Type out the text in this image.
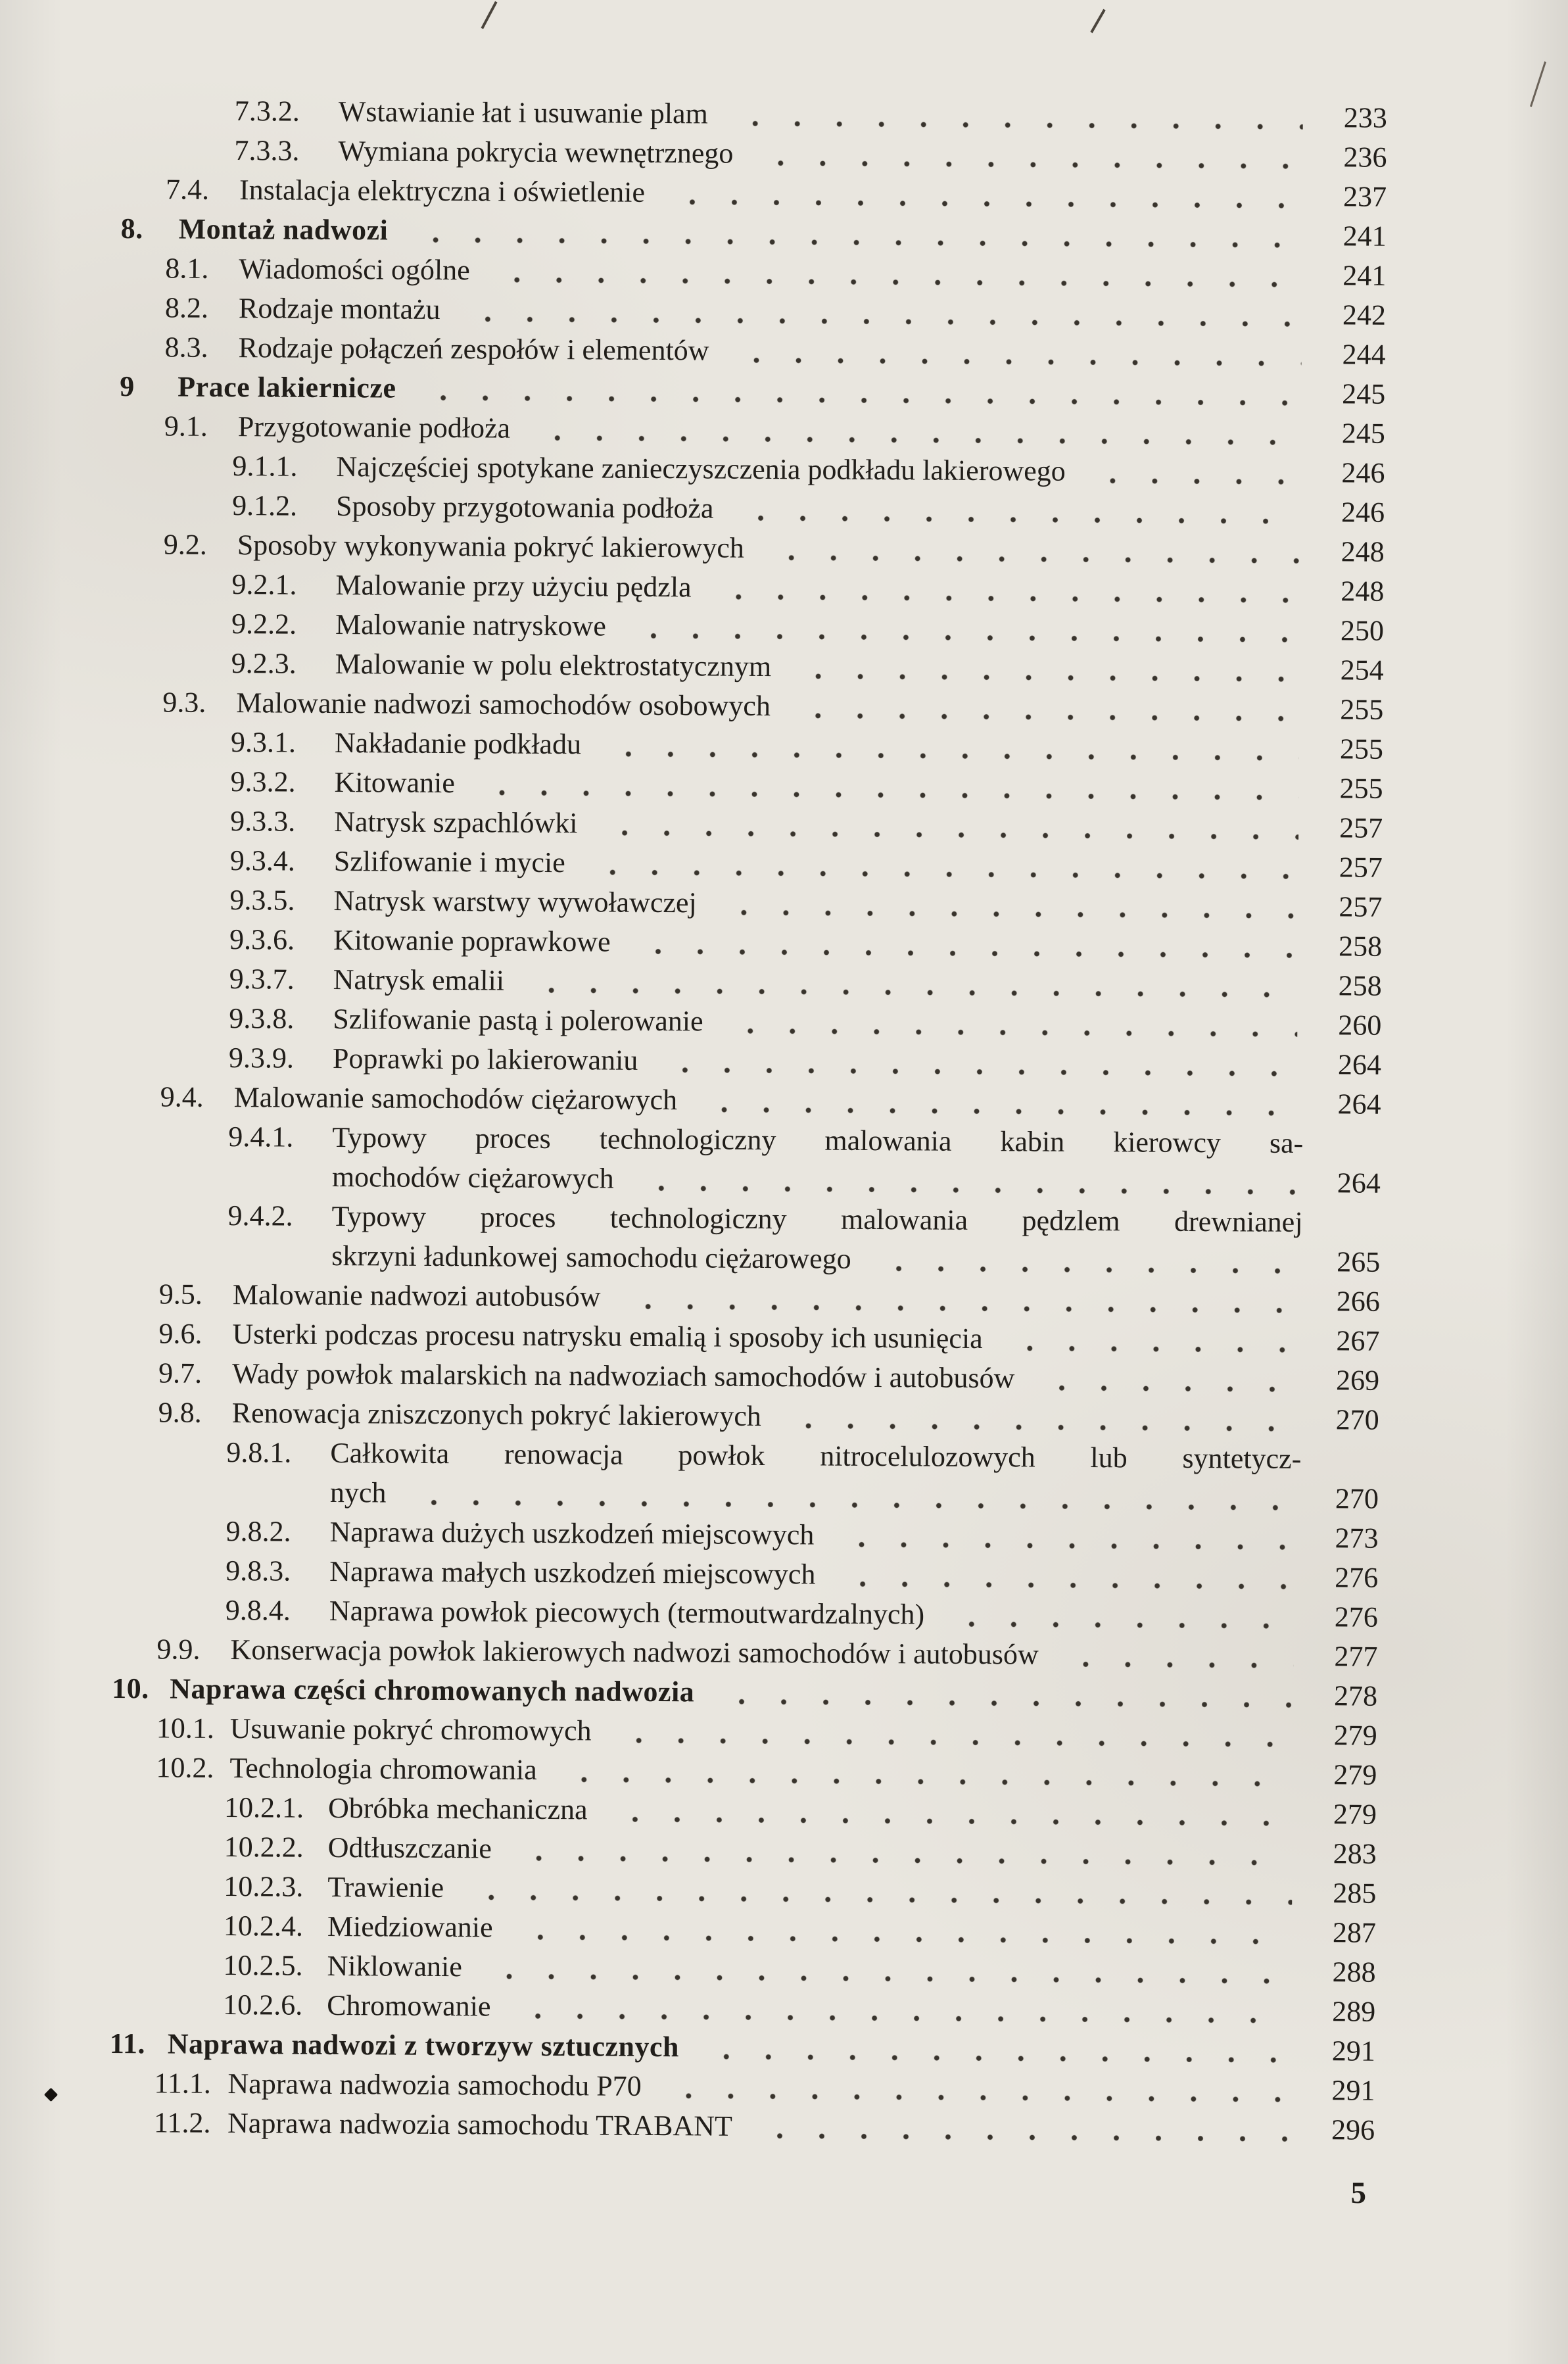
7.3.2.	Wstawianie łat i usuwanie plam	233
7.3.3.	Wymiana pokrycia wewnętrznego	236
7.4.	Instalacja elektryczna i oświetlenie	237
8.	Montaż nadwozi	241
8.1.	Wiadomości ogólne	241
8.2.	Rodzaje montażu	242
8.3.	Rodzaje połączeń zespołów i elementów	244
9	Prace lakiernicze	245
9.1.	Przygotowanie podłoża	245
9.1.1.	Najczęściej spotykane zanieczyszczenia podkładu lakierowego	246
9.1.2.	Sposoby przygotowania podłoża	246
9.2.	Sposoby wykonywania pokryć lakierowych	248
9.2.1.	Malowanie przy użyciu pędzla	248
9.2.2.	Malowanie natryskowe	250
9.2.3.	Malowanie w polu elektrostatycznym	254
9.3.	Malowanie nadwozi samochodów osobowych	255
9.3.1.	Nakładanie podkładu	255
9.3.2.	Kitowanie	255
9.3.3.	Natrysk szpachlówki	257
9.3.4.	Szlifowanie i mycie	257
9.3.5.	Natrysk warstwy wywoławczej	257
9.3.6.	Kitowanie poprawkowe	258
9.3.7.	Natrysk emalii	258
9.3.8.	Szlifowanie pastą i polerowanie	260
9.3.9.	Poprawki po lakierowaniu	264
9.4.	Malowanie samochodów ciężarowych	264
9.4.1.	Typowy proces technologiczny malowania kabin kierowcy sa-
mochodów ciężarowych	264
9.4.2.	Typowy proces technologiczny malowania pędzlem drewnianej
skrzyni ładunkowej samochodu ciężarowego	265
9.5.	Malowanie nadwozi autobusów	266
9.6.	Usterki podczas procesu natrysku emalią i sposoby ich usunięcia	267
9.7.	Wady powłok malarskich na nadwoziach samochodów i autobusów	269
9.8.	Renowacja zniszczonych pokryć lakierowych	270
9.8.1.	Całkowita renowacja powłok nitrocelulozowych lub syntetycz-
nych	270
9.8.2.	Naprawa dużych uszkodzeń miejscowych	273
9.8.3.	Naprawa małych uszkodzeń miejscowych	276
9.8.4.	Naprawa powłok piecowych (termoutwardzalnych)	276
9.9.	Konserwacja powłok lakierowych nadwozi samochodów i autobusów	277
10. Naprawa części chromowanych nadwozia	278
10.1. Usuwanie pokryć chromowych	279
10.2. Technologia chromowania	279
10.2.1. Obróbka mechaniczna	279
10.2.2. Odtłuszczanie	283
10.2.3. Trawienie	285
10.2.4. Miedziowanie	287
10.2.5. Niklowanie	288
10.2.6. Chromowanie	289
11. Naprawa nadwozi z tworzyw sztucznych	291
11.1. Naprawa nadwozia samochodu P70	291
11.2. Naprawa nadwozia samochodu TRABANT	296
5
